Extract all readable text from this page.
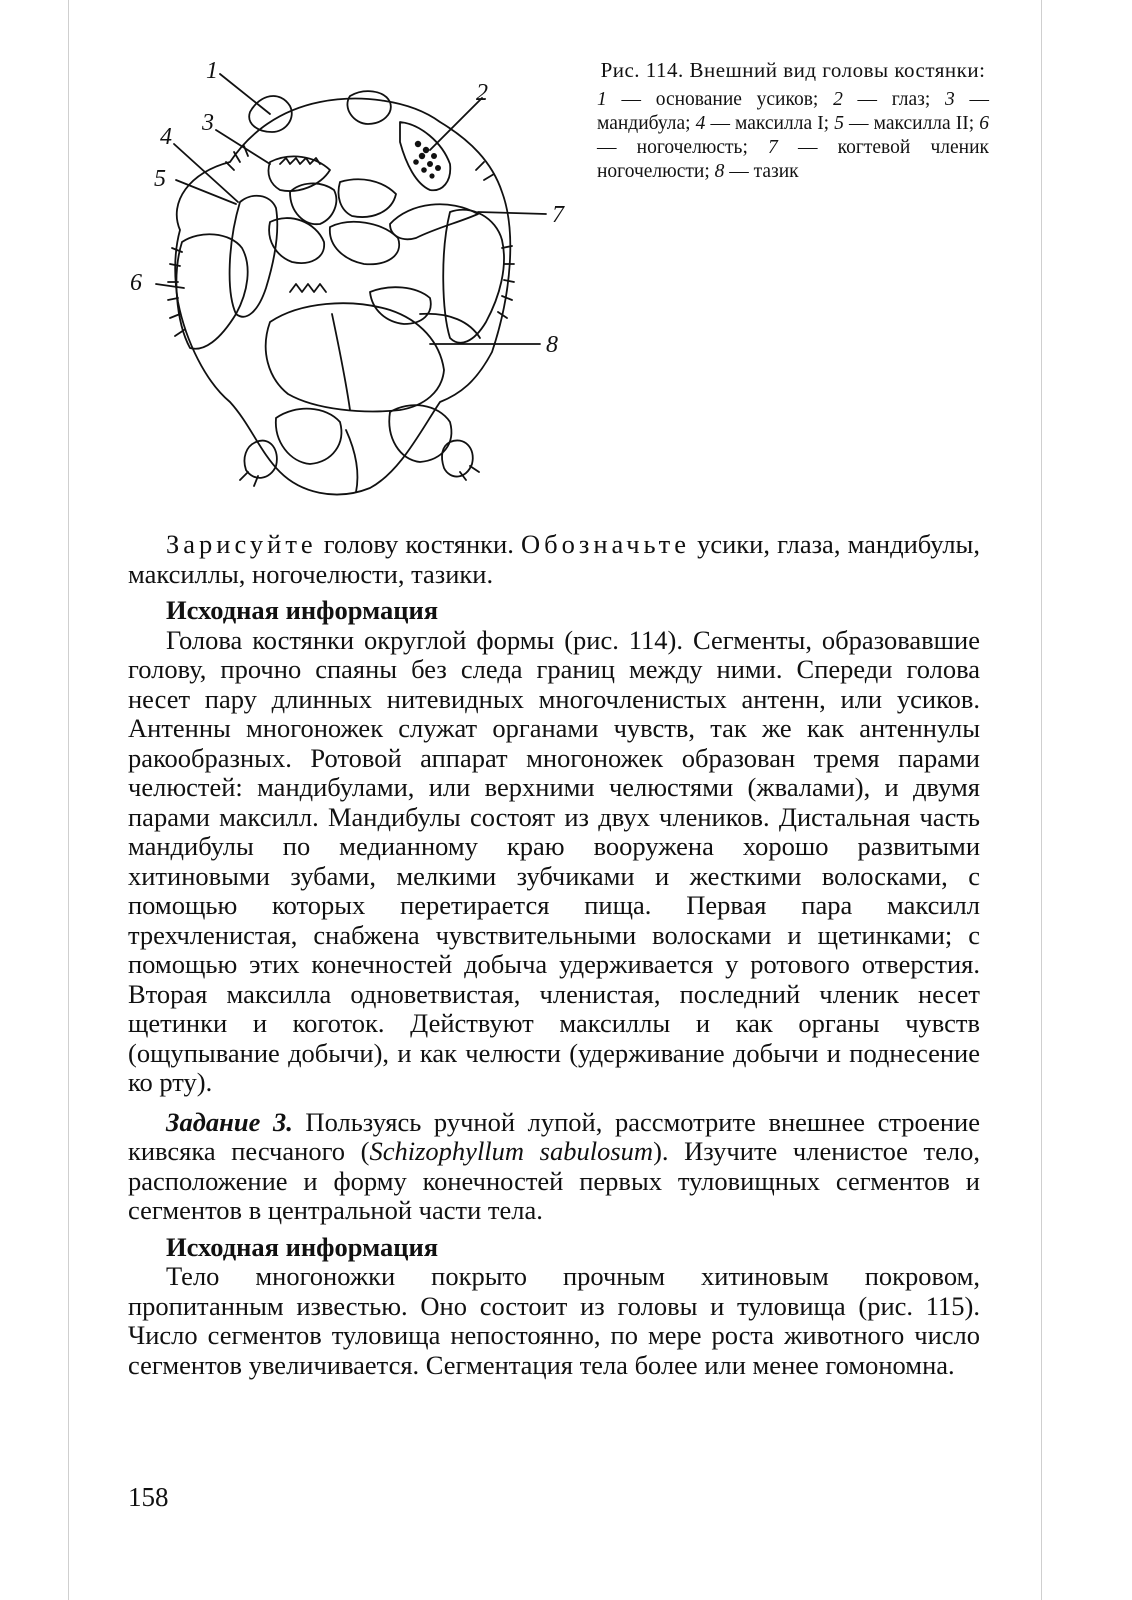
1
2
3
4
5
6
7
8
Рис. 114. Внешний вид головы костянки:
1 — основание усиков; 2 — глаз; 3 — мандибула; 4 — максилла I; 5 — максилла II; 6 — ногочелюсть; 7 — когтевой членик ногочелюсти; 8 — тазик

Зарисуйте голову костянки. Обозначьте усики, глаза, мандибулы, максиллы, ногочелюсти, тазики.

Исходная информация

Голова костянки округлой формы (рис. 114). Сегменты, образовавшие голову, прочно спаяны без следа границ между ними. Спереди голова несет пару длинных нитевидных многочленистых антенн, или усиков. Антенны многоножек служат органами чувств, так же как антеннулы ракообразных. Ротовой аппарат многоножек образован тремя парами челюстей: мандибулами, или верхними челюстями (жвалами), и двумя парами максилл. Мандибулы состоят из двух члеников. Дистальная часть мандибулы по медианному краю вооружена хорошо развитыми хитиновыми зубами, мелкими зубчиками и жесткими волосками, с помощью которых перетирается пища. Первая пара максилл трехчленистая, снабжена чувствительными волосками и щетинками; с помощью этих конечностей добыча удерживается у ротового отверстия. Вторая максилла одноветвистая, членистая, последний членик несет щетинки и коготок. Действуют максиллы и как органы чувств (ощупывание добычи), и как челюсти (удерживание добычи и поднесение ко рту).

Задание 3. Пользуясь ручной лупой, рассмотрите внешнее строение кивсяка песчаного (Schizophyllum sabulosum). Изучите членистое тело, расположение и форму конечностей первых туловищных сегментов и сегментов в центральной части тела.

Исходная информация

Тело многоножки покрыто прочным хитиновым покровом, пропитанным известью. Оно состоит из головы и туловища (рис. 115). Число сегментов туловища непостоянно, по мере роста животного число сегментов увеличивается. Сегментация тела более или менее гомономна.

158
